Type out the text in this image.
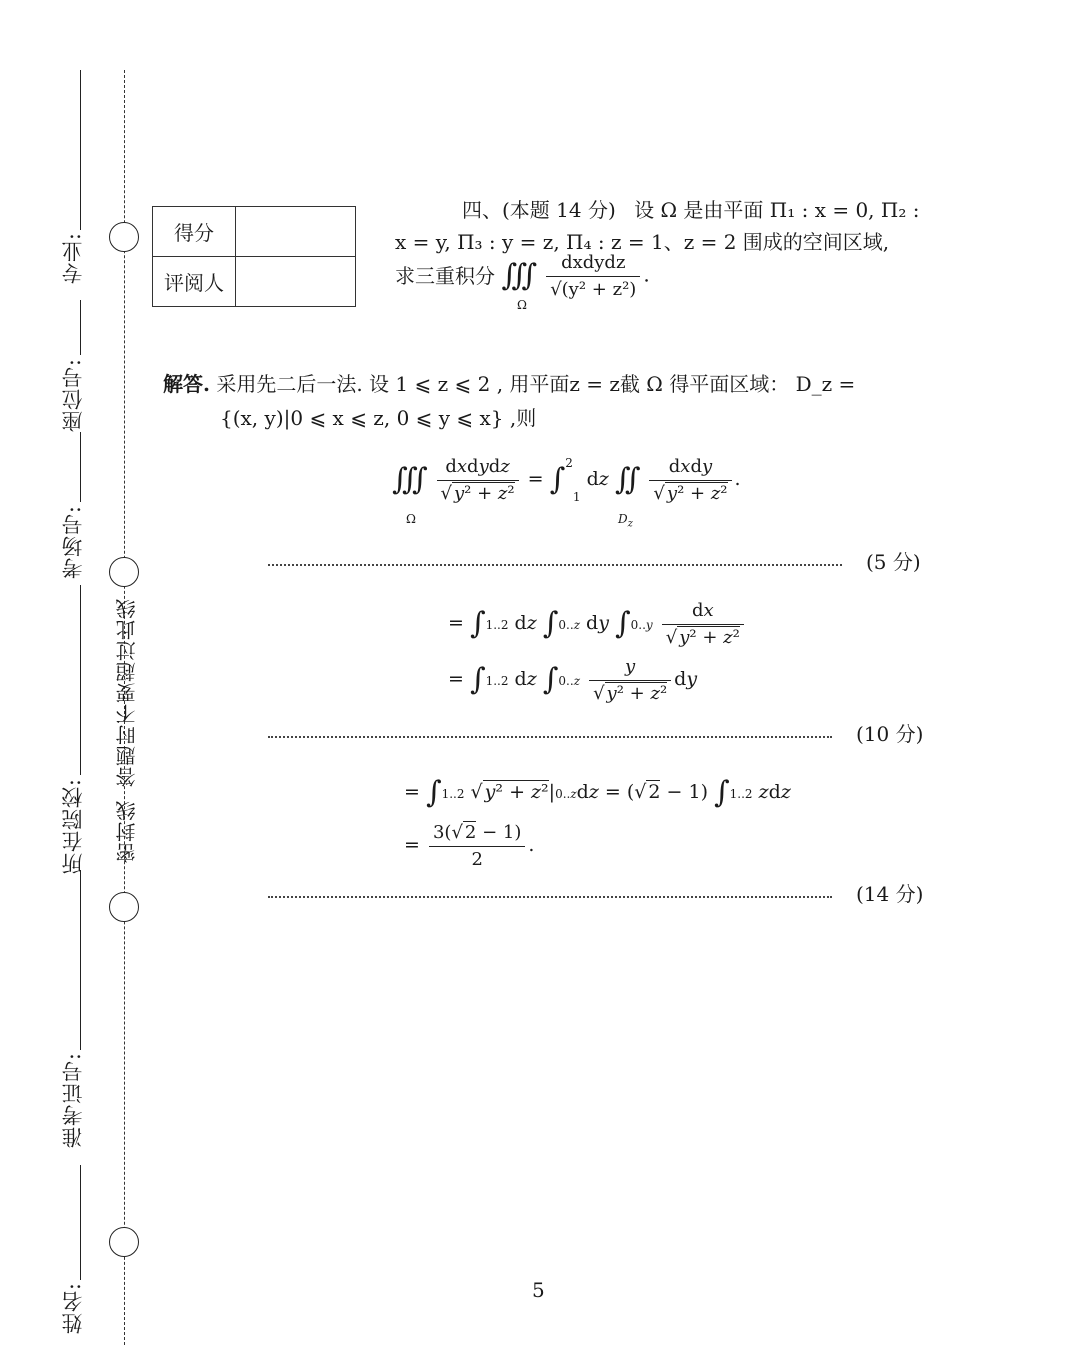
专业:
座位号:
考场号:
所在院校:
准考证号:
姓名:
答题时不要超过此线
密封线
得分	
评阅人	
四、(本题 14 分) 设 Ω 是由平面 Π₁ : x = 0, Π₂ :
x = y, Π₃ : y = z, Π₄ : z = 1、z = 2 围成的空间区域,
求三重积分 ∭ $\frac{\text{dxdydz}}{\text{√(y² + z²)}}$ .
Ω
解答. 采用先二后一法. 设 1 ⩽ z ⩽ 2 , 用平面z = z截 Ω 得平面区域： D_z =
{(x, y)|0 ⩽ x ⩽ z, 0 ⩽ y ⩽ x} ,则
∭ $\frac{\text{dxdydz}}{\text{√ y² + z²}} = \int^21$ dz ∬ $\frac{\text{dxdy}}{\text{√ y² + z²}}$ .
Ω	$D_z$
(5 分)
= ∫1..2 dz ∫0..z dy $\int 0..y \frac{dx}{\text{√ y² + z²}}$
= ∫1..2 dz $\int 0..z \frac{y}{\text{√ y² + z²}}$ dy
(10 分)
= ∫1..2 √ y² + z²|0..zdz = (√ 2 − 1) ∫1..2 zdz
= $\frac{3(√ 2 - 1)}{2}$ .
(14 分)
5
